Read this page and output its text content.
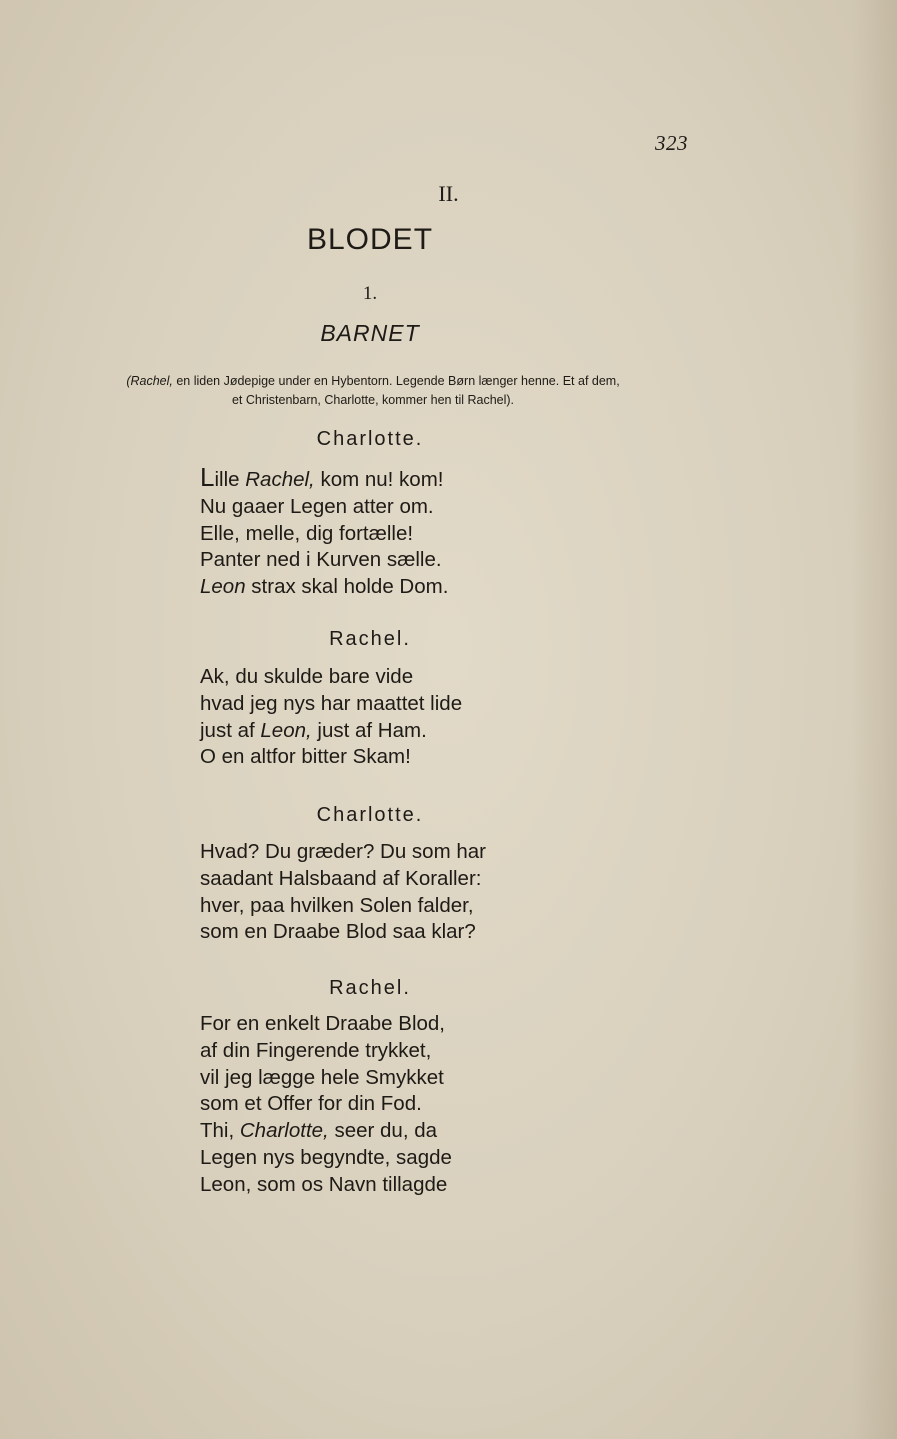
323
II.
BLODET
1.
BARNET
(Rachel, en liden Jødepige under en Hybentorn. Legende Børn længer henne. Et af dem,
et Christenbarn, Charlotte, kommer hen til Rachel).

Charlotte.

Lille Rachel, kom nu! kom!
Nu gaaer Legen atter om.
Elle, melle, dig fortælle!
Panter ned i Kurven sælle.
Leon strax skal holde Dom.

Rachel.

Ak, du skulde bare vide
hvad jeg nys har maattet lide
just af Leon, just af Ham.
O en altfor bitter Skam!

Charlotte.

Hvad? Du græder? Du som har
saadant Halsbaand af Koraller:
hver, paa hvilken Solen falder,
som en Draabe Blod saa klar?

Rachel.

For en enkelt Draabe Blod,
af din Fingerende trykket,
vil jeg lægge hele Smykket
som et Offer for din Fod.
Thi, Charlotte, seer du, da
Legen nys begyndte, sagde
Leon, som os Navn tillagde
